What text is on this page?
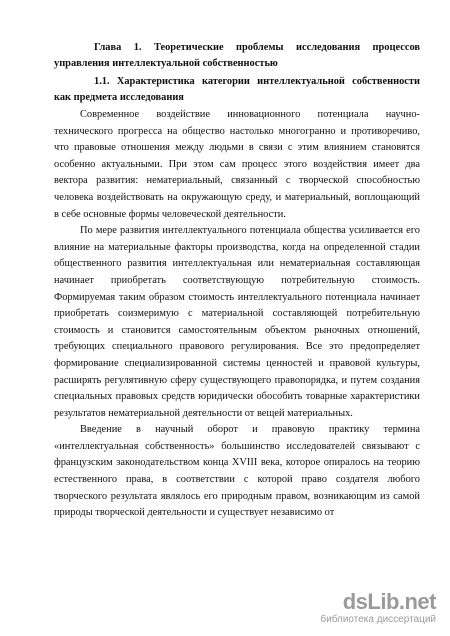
Глава 1. Теоретические проблемы исследования процессов управления интеллектуальной собственностью

1.1. Характеристика категории интеллектуальной собственности как предмета исследования

Современное воздействие инновационного потенциала научно-технического прогресса на общество настолько многогранно и противоречиво, что правовые отношения между людьми в связи с этим влиянием становятся особенно актуальными. При этом сам процесс этого воздействия имеет два вектора развития: нематериальный, связанный с творческой способностью человека воздействовать на окружающую среду, и материальный, воплощающий в себе основные формы человеческой деятельности.

По мере развития интеллектуального потенциала общества усиливается его влияние на материальные факторы производства, когда на определенной стадии общественного развития интеллектуальная или нематериальная составляющая начинает приобретать соответствующую потребительную стоимость. Формируемая таким образом стоимость интеллектуального потенциала начинает приобретать соизмеримую с материальной составляющей потребительную стоимость и становится самостоятельным объектом рыночных отношений, требующих специального правового регулирования. Все это предопределяет формирование специализированной системы ценностей и правовой культуры, расширять регулятивную сферу существующего правопорядка, и путем создания специальных правовых средств юридически обособить товарные характеристики результатов нематериальной деятельности от вещей материальных.

Введение в научный оборот и правовую практику термина «интеллектуальная собственность» большинство исследователей связывают с французским законодательством конца XVIII века, которое опиралось на теорию естественного права, в соответствии с которой право создателя любого творческого результата являлось его природным правом, возникающим из самой природы творческой деятельности и существует независимо от

dsLib.net
библиотека диссертаций
